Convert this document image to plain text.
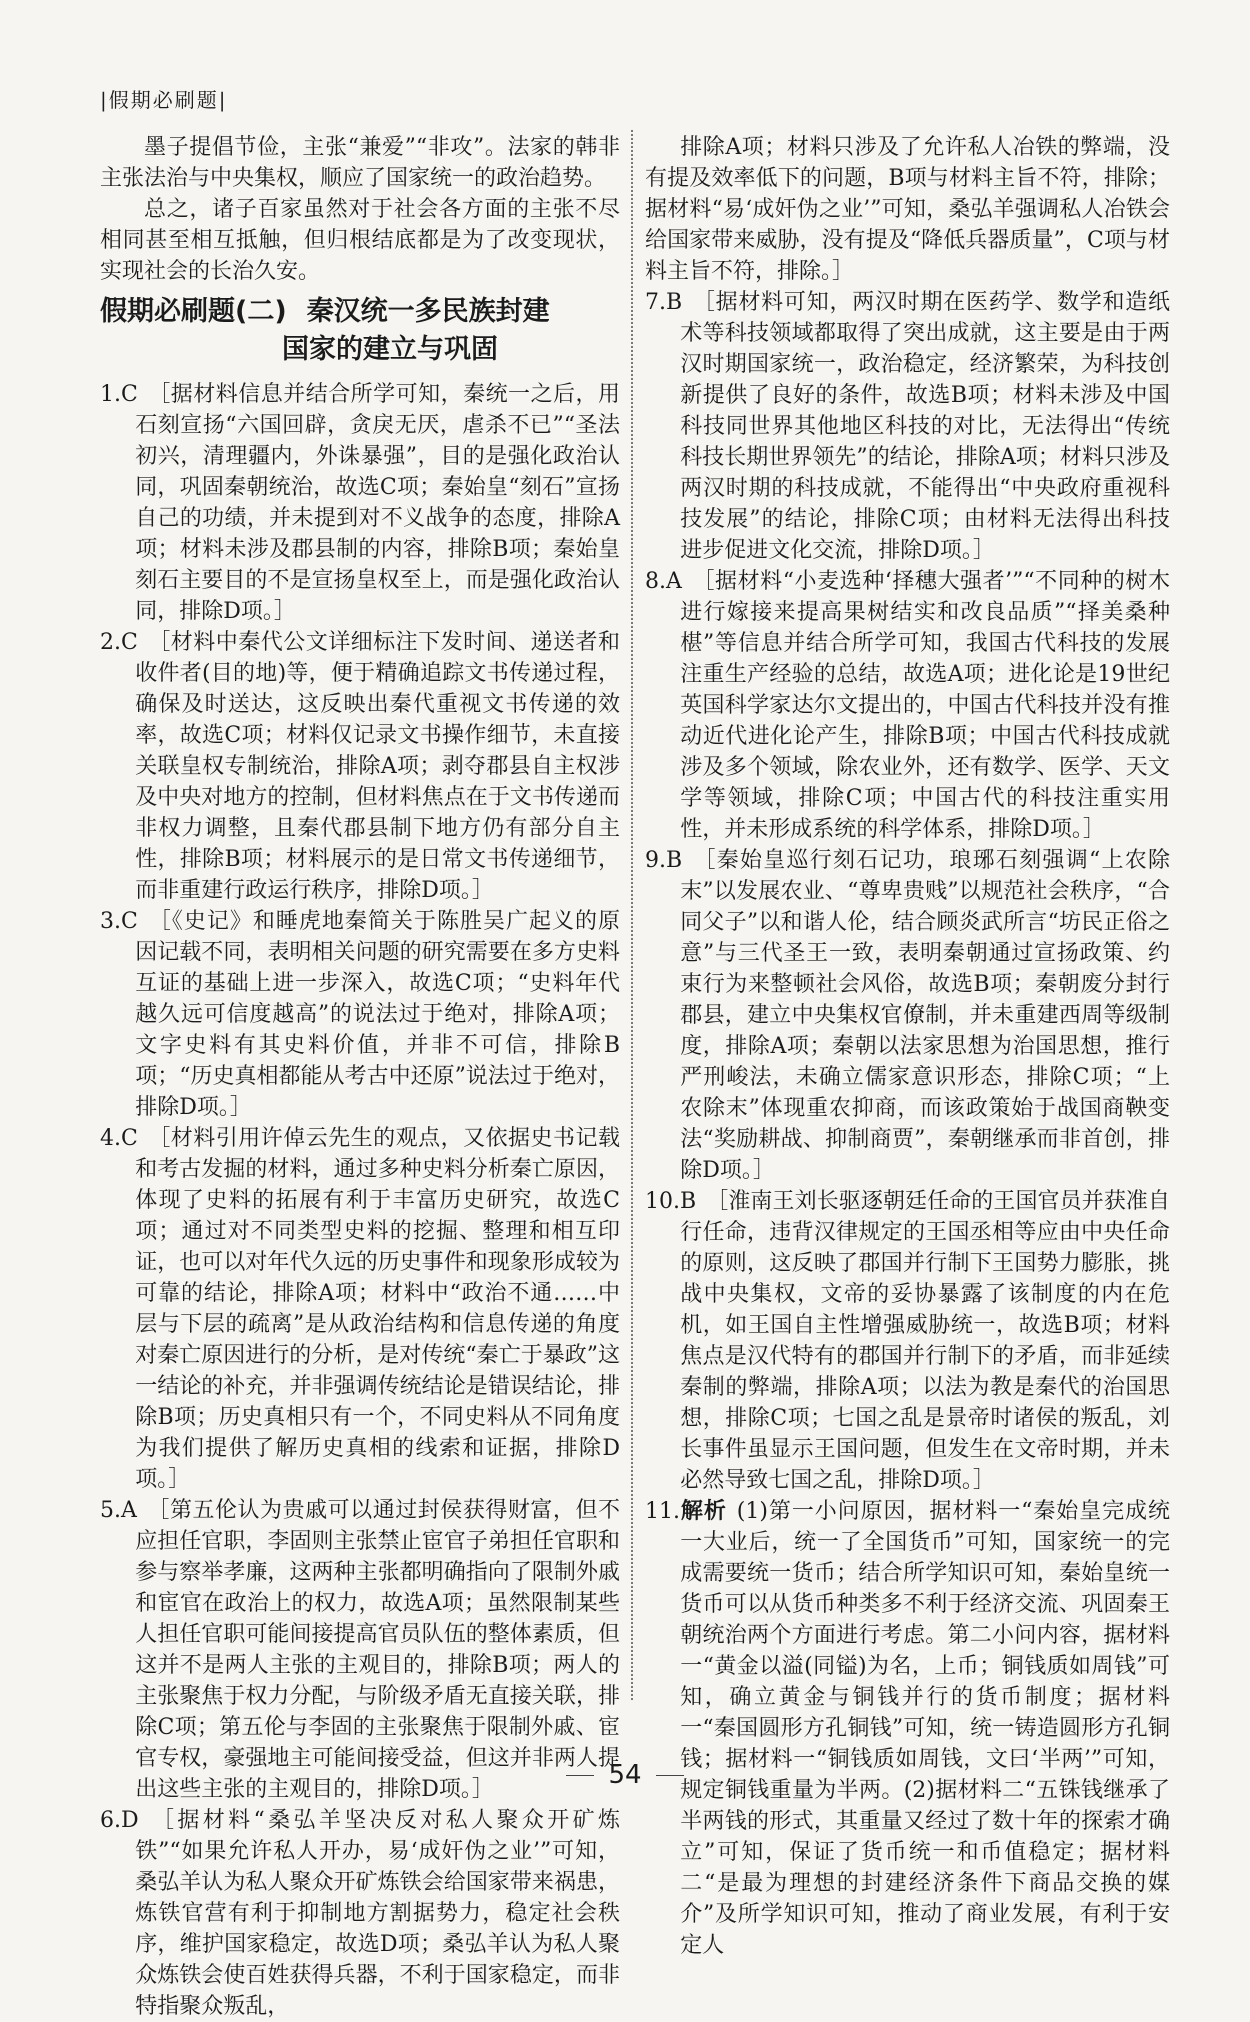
|假期必刷题|

墨子提倡节俭，主张“兼爱”“非攻”。法家的韩非主张法治与中央集权，顺应了国家统一的政治趋势。

总之，诸子百家虽然对于社会各方面的主张不尽相同甚至相互抵触，但归根结底都是为了改变现状，实现社会的长治久安。

假期必刷题(二) 秦汉统一多民族封建
国家的建立与巩固

1.C ［据材料信息并结合所学可知，秦统一之后，用石刻宣扬“六国回辟，贪戾无厌，虐杀不已”“圣法初兴，清理疆内，外诛暴强”，目的是强化政治认同，巩固秦朝统治，故选C项；秦始皇“刻石”宣扬自己的功绩，并未提到对不义战争的态度，排除A项；材料未涉及郡县制的内容，排除B项；秦始皇刻石主要目的不是宣扬皇权至上，而是强化政治认同，排除D项。］

2.C ［材料中秦代公文详细标注下发时间、递送者和收件者(目的地)等，便于精确追踪文书传递过程，确保及时送达，这反映出秦代重视文书传递的效率，故选C项；材料仅记录文书操作细节，未直接关联皇权专制统治，排除A项；剥夺郡县自主权涉及中央对地方的控制，但材料焦点在于文书传递而非权力调整，且秦代郡县制下地方仍有部分自主性，排除B项；材料展示的是日常文书传递细节，而非重建行政运行秩序，排除D项。］

3.C ［《史记》和睡虎地秦简关于陈胜吴广起义的原因记载不同，表明相关问题的研究需要在多方史料互证的基础上进一步深入，故选C项；“史料年代越久远可信度越高”的说法过于绝对，排除A项；文字史料有其史料价值，并非不可信，排除B项；“历史真相都能从考古中还原”说法过于绝对，排除D项。］

4.C ［材料引用许倬云先生的观点，又依据史书记载和考古发掘的材料，通过多种史料分析秦亡原因，体现了史料的拓展有利于丰富历史研究，故选C项；通过对不同类型史料的挖掘、整理和相互印证，也可以对年代久远的历史事件和现象形成较为可靠的结论，排除A项；材料中“政治不通……中层与下层的疏离”是从政治结构和信息传递的角度对秦亡原因进行的分析，是对传统“秦亡于暴政”这一结论的补充，并非强调传统结论是错误结论，排除B项；历史真相只有一个，不同史料从不同角度为我们提供了解历史真相的线索和证据，排除D项。］

5.A ［第五伦认为贵戚可以通过封侯获得财富，但不应担任官职，李固则主张禁止宦官子弟担任官职和参与察举孝廉，这两种主张都明确指向了限制外戚和宦官在政治上的权力，故选A项；虽然限制某些人担任官职可能间接提高官员队伍的整体素质，但这并不是两人主张的主观目的，排除B项；两人的主张聚焦于权力分配，与阶级矛盾无直接关联，排除C项；第五伦与李固的主张聚焦于限制外戚、宦官专权，豪强地主可能间接受益，但这并非两人提出这些主张的主观目的，排除D项。］

6.D ［据材料“桑弘羊坚决反对私人聚众开矿炼铁”“如果允许私人开办，易‘成奸伪之业’”可知，桑弘羊认为私人聚众开矿炼铁会给国家带来祸患，炼铁官营有利于抑制地方割据势力，稳定社会秩序，维护国家稳定，故选D项；桑弘羊认为私人聚众炼铁会使百姓获得兵器，不利于国家稳定，而非特指聚众叛乱，

排除A项；材料只涉及了允许私人冶铁的弊端，没有提及效率低下的问题，B项与材料主旨不符，排除；据材料“易‘成奸伪之业’”可知，桑弘羊强调私人冶铁会给国家带来威胁，没有提及“降低兵器质量”，C项与材料主旨不符，排除。］

7.B ［据材料可知，两汉时期在医药学、数学和造纸术等科技领域都取得了突出成就，这主要是由于两汉时期国家统一，政治稳定，经济繁荣，为科技创新提供了良好的条件，故选B项；材料未涉及中国科技同世界其他地区科技的对比，无法得出“传统科技长期世界领先”的结论，排除A项；材料只涉及两汉时期的科技成就，不能得出“中央政府重视科技发展”的结论，排除C项；由材料无法得出科技进步促进文化交流，排除D项。］

8.A ［据材料“小麦选种‘择穗大强者’”“不同种的树木进行嫁接来提高果树结实和改良品质”“择美桑种椹”等信息并结合所学可知，我国古代科技的发展注重生产经验的总结，故选A项；进化论是19世纪英国科学家达尔文提出的，中国古代科技并没有推动近代进化论产生，排除B项；中国古代科技成就涉及多个领域，除农业外，还有数学、医学、天文学等领域，排除C项；中国古代的科技注重实用性，并未形成系统的科学体系，排除D项。］

9.B ［秦始皇巡行刻石记功，琅琊石刻强调“上农除末”以发展农业、“尊卑贵贱”以规范社会秩序，“合同父子”以和谐人伦，结合顾炎武所言“坊民正俗之意”与三代圣王一致，表明秦朝通过宣扬政策、约束行为来整顿社会风俗，故选B项；秦朝废分封行郡县，建立中央集权官僚制，并未重建西周等级制度，排除A项；秦朝以法家思想为治国思想，推行严刑峻法，未确立儒家意识形态，排除C项；“上农除末”体现重农抑商，而该政策始于战国商鞅变法“奖励耕战、抑制商贾”，秦朝继承而非首创，排除D项。］

10.B ［淮南王刘长驱逐朝廷任命的王国官员并获准自行任命，违背汉律规定的王国丞相等应由中央任命的原则，这反映了郡国并行制下王国势力膨胀，挑战中央集权，文帝的妥协暴露了该制度的内在危机，如王国自主性增强威胁统一，故选B项；材料焦点是汉代特有的郡国并行制下的矛盾，而非延续秦制的弊端，排除A项；以法为教是秦代的治国思想，排除C项；七国之乱是景帝时诸侯的叛乱，刘长事件虽显示王国问题，但发生在文帝时期，并未必然导致七国之乱，排除D项。］

11.解析 (1)第一小问原因，据材料一“秦始皇完成统一大业后，统一了全国货币”可知，国家统一的完成需要统一货币；结合所学知识可知，秦始皇统一货币可以从货币种类多不利于经济交流、巩固秦王朝统治两个方面进行考虑。第二小问内容，据材料一“黄金以溢(同镒)为名，上币；铜钱质如周钱”可知，确立黄金与铜钱并行的货币制度；据材料一“秦国圆形方孔铜钱”可知，统一铸造圆形方孔铜钱；据材料一“铜钱质如周钱，文曰‘半两’”可知，规定铜钱重量为半两。(2)据材料二“五铢钱继承了半两钱的形式，其重量又经过了数十年的探索才确立”可知，保证了货币统一和币值稳定；据材料二“是最为理想的封建经济条件下商品交换的媒介”及所学知识可知，推动了商业发展，有利于安定人

54
